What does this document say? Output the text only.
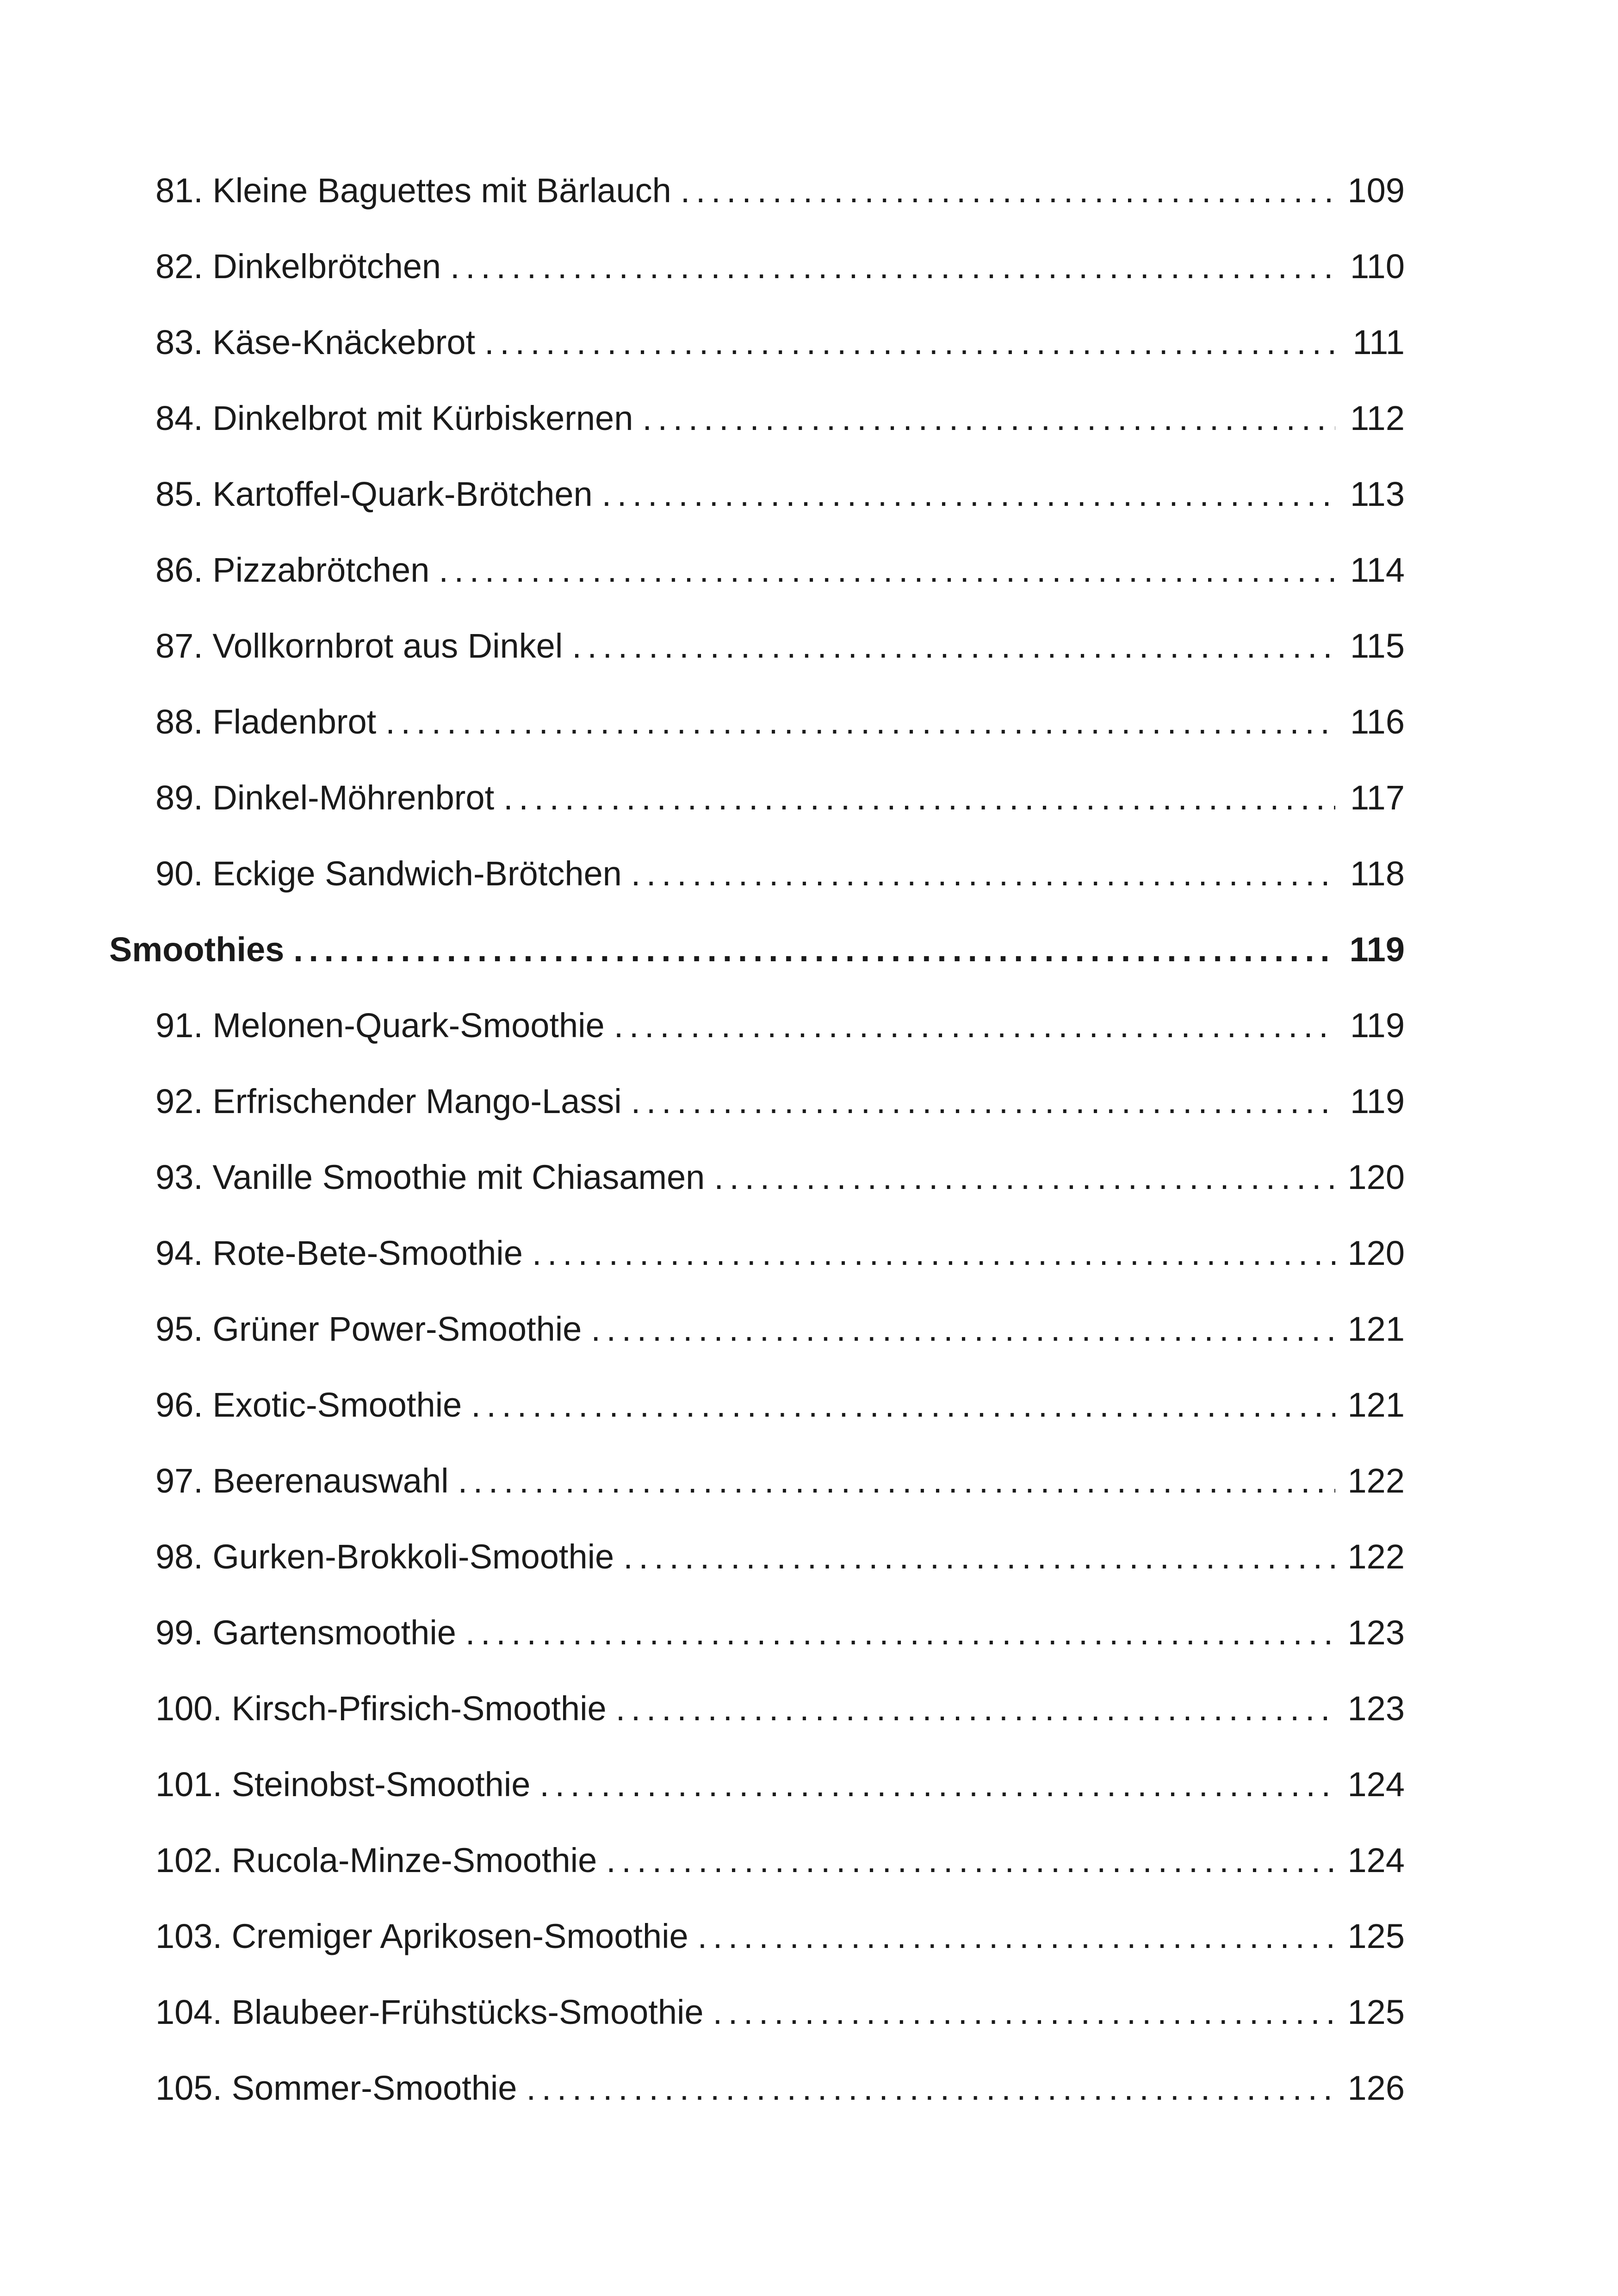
81. Kleine Baguettes mit Bärlauch . . .	109
82. Dinkelbrötchen . . .	110
83. Käse-Knäckebrot . . .	111
84. Dinkelbrot mit Kürbiskernen . . .	112
85. Kartoffel-Quark-Brötchen . . .	113
86. Pizzabrötchen . . .	114
87. Vollkornbrot aus Dinkel . . .	115
88. Fladenbrot . . .	116
89. Dinkel-Möhrenbrot . . .	117
90. Eckige Sandwich-Brötchen . . .	118
Smoothies . . .	119
91. Melonen-Quark-Smoothie . . .	119
92. Erfrischender Mango-Lassi . . .	119
93. Vanille Smoothie mit Chiasamen . . .	120
94. Rote-Bete-Smoothie . . .	120
95. Grüner Power-Smoothie . . .	121
96. Exotic-Smoothie . . .	121
97. Beerenauswahl . . .	122
98. Gurken-Brokkoli-Smoothie . . .	122
99. Gartensmoothie . . .	123
100. Kirsch-Pfirsich-Smoothie . . .	123
101. Steinobst-Smoothie . . .	124
102. Rucola-Minze-Smoothie . . .	124
103. Cremiger Aprikosen-Smoothie . . .	125
104. Blaubeer-Frühstücks-Smoothie . . .	125
105. Sommer-Smoothie . . .	126
